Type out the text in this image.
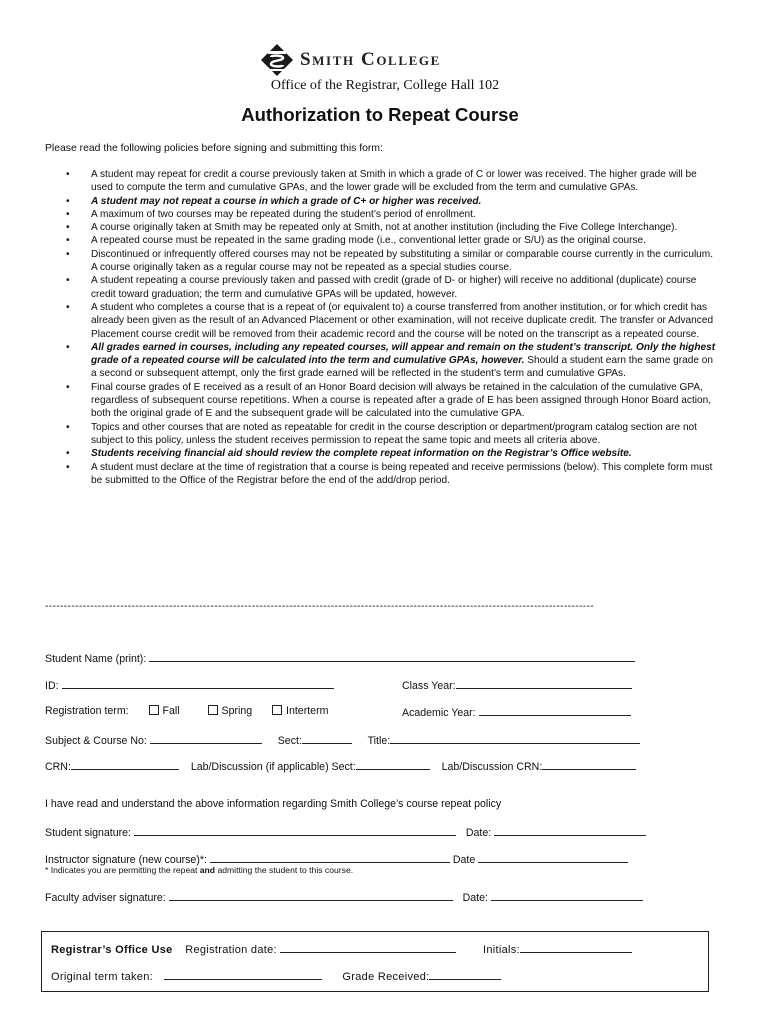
Smith College
Office of the Registrar, College Hall 102
Authorization to Repeat Course
Please read the following policies before signing and submitting this form:
• A student may repeat for credit a course previously taken at Smith in which a grade of C or lower was received. The higher grade will be used to compute the term and cumulative GPAs, and the lower grade will be excluded from the term and cumulative GPAs.
• A student may not repeat a course in which a grade of C+ or higher was received.
• A maximum of two courses may be repeated during the student’s period of enrollment.
• A course originally taken at Smith may be repeated only at Smith, not at another institution (including the Five College Interchange).
• A repeated course must be repeated in the same grading mode (i.e., conventional letter grade or S/U) as the original course.
• Discontinued or infrequently offered courses may not be repeated by substituting a similar or comparable course currently in the curriculum. A course originally taken as a regular course may not be repeated as a special studies course.
• A student repeating a course previously taken and passed with credit (grade of D- or higher) will receive no additional (duplicate) course credit toward graduation; the term and cumulative GPAs will be updated, however.
• A student who completes a course that is a repeat of (or equivalent to) a course transferred from another institution, or for which credit has already been given as the result of an Advanced Placement or other examination, will not receive duplicate credit. The transfer or Advanced Placement course credit will be removed from their academic record and the course will be noted on the transcript as a repeated course.
• All grades earned in courses, including any repeated courses, will appear and remain on the student’s transcript. Only the highest grade of a repeated course will be calculated into the term and cumulative GPAs, however. Should a student earn the same grade on a second or subsequent attempt, only the first grade earned will be reflected in the student’s term and cumulative GPAs.
• Final course grades of E received as a result of an Honor Board decision will always be retained in the calculation of the cumulative GPA, regardless of subsequent course repetitions. When a course is repeated after a grade of E has been assigned through Honor Board action, both the original grade of E and the subsequent grade will be calculated into the cumulative GPA.
• Topics and other courses that are noted as repeatable for credit in the course description or department/program catalog section are not subject to this policy, unless the student receives permission to repeat the same topic and meets all criteria above.
• Students receiving financial aid should review the complete repeat information on the Registrar’s Office website.
• A student must declare at the time of registration that a course is being repeated and receive permissions (below). This complete form must be submitted to the Office of the Registrar before the end of the add/drop period.
--------------------------------------------------------------------------------------------------------------------------------------------------
Student Name (print):
ID:	Class Year:
Registration term:	Fall	Spring	Interterm	Academic Year:
Subject & Course No:	Sect:	Title:
CRN:	Lab/Discussion (if applicable) Sect:	Lab/Discussion CRN:
I have read and understand the above information regarding Smith College’s course repeat policy
Student signature:	Date:
Instructor signature (new course)*:	Date
* Indicates you are permitting the repeat and admitting the student to this course.
Faculty adviser signature:	Date:
Registrar’s Office Use Registration date:	Initials:
Original term taken:	Grade Received:
